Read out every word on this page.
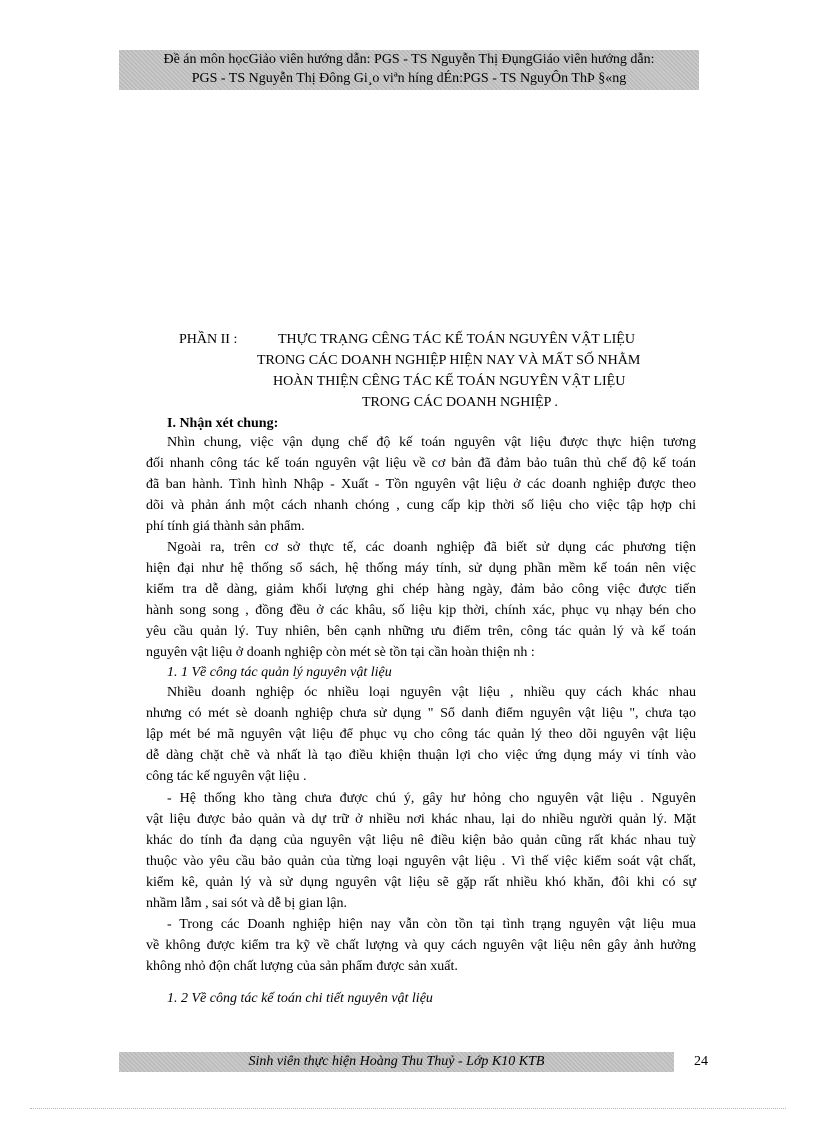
Đề án môn họcGiảo viên hướng dẫn: PGS - TS Nguyễn Thị ĐụngGiáo viên hướng dẫn:
PGS - TS Nguyễn Thị Đông Gi¸o viªn híng dÉn:PGS - TS NguyÔn ThÞ §«ng
PHẦN II :	THỰC TRẠNG CÊNG TÁC KẾ TOÁN NGUYÊN VẬT LIỆU
TRONG CÁC DOANH NGHIỆP HIỆN NAY VÀ MẤT SỐ NHẰM
HOÀN THIỆN CÊNG TÁC KẾ TOÁN NGUYÊN VẬT LIỆU
TRONG CÁC DOANH NGHIỆP .
I. Nhận xét chung:
Nhìn chung, việc vận dụng chế độ kế toán nguyên vật liệu được thực hiện tương
đối nhanh công tác kế toán nguyên vật liệu về cơ bản đã đảm bảo tuân thủ chế độ kế toán
đã ban hành. Tình hình Nhập - Xuất - Tồn nguyên vật liệu ở các doanh nghiệp được theo
dõi và phản ánh một cách nhanh chóng , cung cấp kịp thời số liệu cho việc tập hợp chi
phí tính giá thành sản phẩm.
Ngoài ra, trên cơ sở thực tế, các doanh nghiệp đã biết sử dụng các phương tiện
hiện đại như hệ thống sổ sách, hệ thống máy tính, sử dụng phần mềm kế toán nên việc
kiểm tra dễ dàng, giảm khối lượng ghi chép hàng ngày, đảm bảo công việc được tiến
hành song song , đồng đều ở các khâu, số liệu kịp thời, chính xác, phục vụ nhạy bén cho
yêu cầu quản lý. Tuy nhiên, bên cạnh những ưu điểm trên, công tác quản lý và kế toán
nguyên vật liệu ở doanh nghiệp còn mét sè tồn tại cần hoàn thiện nh :
1. 1 Về công tác quản lý nguyên vật liệu
Nhiều doanh nghiệp óc nhiều loại nguyên vật liệu , nhiều quy cách khác nhau
nhưng có mét sè doanh nghiệp chưa sử dụng " Sổ danh điểm nguyên vật liệu ", chưa tạo
lập mét bé mã nguyên vật liệu để phục vụ cho công tác quản lý theo dõi nguyên vật liệu
dễ dàng chặt chẽ và nhất là tạo điều khiện thuận lợi cho việc ứng dụng máy vi tính vào
công tác kế nguyên vật liệu .
- Hệ thống kho tàng chưa được chú ý, gây hư hỏng cho nguyên vật liệu . Nguyên
vật liệu được bảo quản và dự trữ ở nhiều nơi khác nhau, lại do nhiều người quản lý. Mặt
khác do tính đa dạng của nguyên vật liệu nê điều kiện bảo quản cũng rất khác nhau tuỳ
thuộc vào yêu cầu bảo quản của từng loại nguyên vật liệu . Vì thế việc kiểm soát vật chất,
kiểm kê, quản lý và sử dụng nguyên vật liệu sẽ gặp rất nhiều khó khăn, đôi khi có sự
nhầm lẫm , sai sót và dễ bị gian lận.
- Trong các Doanh nghiệp hiện nay vẫn còn tồn tại tình trạng nguyên vật liệu mua
về không được kiểm tra kỹ về chất lượng và quy cách nguyên vật liệu nên gây ảnh hưởng
không nhỏ độn chất lượng của sản phẩm được sản xuất.
1. 2 Về công tác kế toán chi tiết nguyên vật liệu
Sinh viên thực hiện Hoàng Thu Thuỷ - Lớp K10 KTB	24
